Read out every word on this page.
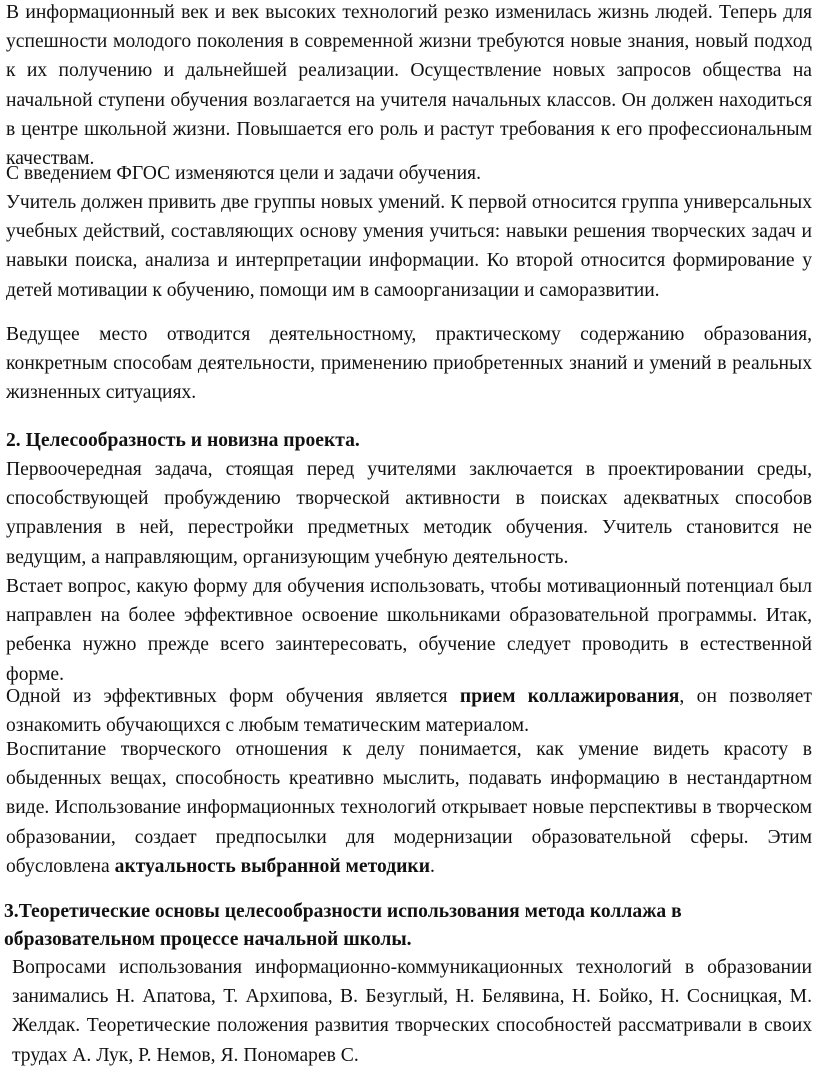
В информационный век и век высоких технологий резко изменилась жизнь людей. Теперь для успешности молодого поколения в современной жизни требуются новые знания, новый подход к их получению и дальнейшей реализации. Осуществление новых запросов общества на начальной ступени обучения возлагается на учителя начальных классов. Он должен находиться в центре школьной жизни. Повышается его роль и растут требования к его профессиональным качествам.

С введением ФГОС изменяются цели и задачи обучения.

Учитель должен привить две группы новых умений. К первой относится группа универсальных учебных действий, составляющих основу умения учиться: навыки решения творческих задач и навыки поиска, анализа и интерпретации информации. Ко второй относится формирование у детей мотивации к обучению, помощи им в самоорганизации и саморазвитии.

Ведущее место отводится деятельностному, практическому содержанию образования, конкретным способам деятельности, применению приобретенных знаний и умений в реальных жизненных ситуациях.

2. Целесообразность и новизна проекта.

Первоочередная задача, стоящая перед учителями заключается в проектировании среды, способствующей пробуждению творческой активности в поисках адекватных способов управления в ней, перестройки предметных методик обучения. Учитель становится не ведущим, а направляющим, организующим учебную деятельность.

Встает вопрос, какую форму для обучения использовать, чтобы мотивационный потенциал был направлен на более эффективное освоение школьниками образовательной программы. Итак, ребенка нужно прежде всего заинтересовать, обучение следует проводить в естественной форме.

Одной из эффективных форм обучения является прием коллажирования, он позволяет ознакомить обучающихся с любым тематическим материалом.

Воспитание творческого отношения к делу понимается, как умение видеть красоту в обыденных вещах, способность креативно мыслить, подавать информацию в нестандартном виде. Использование информационных технологий открывает новые перспективы в творческом образовании, создает предпосылки для модернизации образовательной сферы. Этим обусловлена актуальность выбранной методики.

3.Теоретические основы целесообразности использования метода коллажа в образовательном процессе начальной школы.

Вопросами использования информационно-коммуникационных технологий в образовании занимались Н. Апатова, Т. Архипова, В. Безуглый, Н. Белявина, Н. Бойко, Н. Сосницкая, М. Желдак. Теоретические положения развития творческих способностей рассматривали в своих трудах А. Лук, Р. Немов, Я. Пономарев С.
